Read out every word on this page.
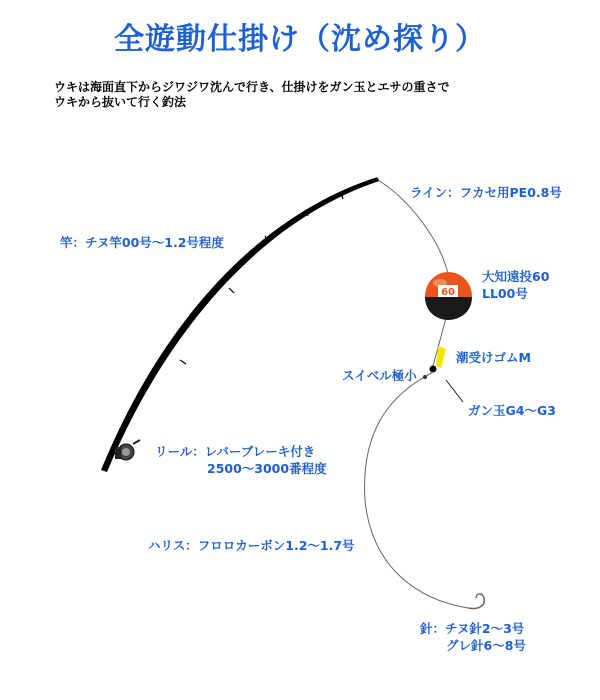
全遊動仕掛け（沈め探り）
ウキは海面直下からジワジワ沈んで行き、仕掛けをガン玉とエサの重さで
ウキから抜いて行く釣法
60
ライン：フカセ用PE0.8号
竿：チヌ竿00号〜1.2号程度
大知遠投60
LL00号
潮受けゴムM
スイベル極小
ガン玉G4〜G3
リール：レバーブレーキ付き
2500〜3000番程度
ハリス：フロロカーボン1.2〜1.7号
針：チヌ針2〜3号
グレ針6〜8号
